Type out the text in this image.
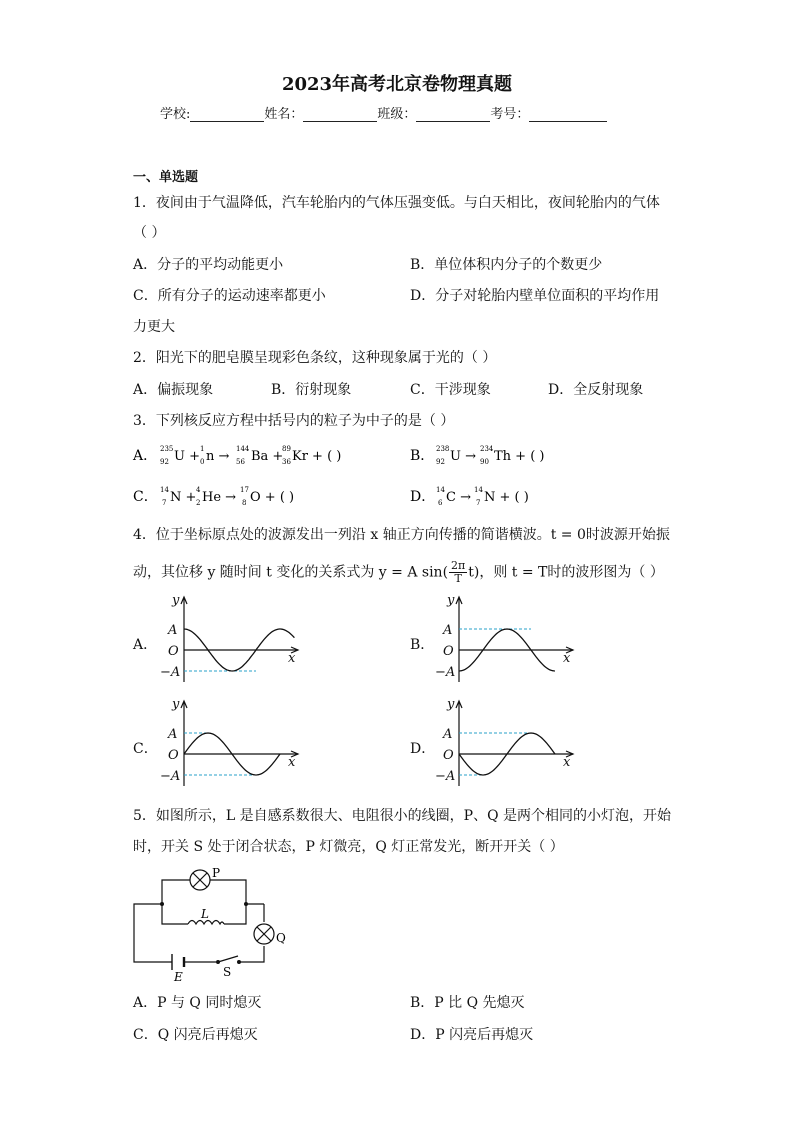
2023年高考北京卷物理真题
学校:	姓名：	班级：	考号：
一、单选题
1．夜间由于气温降低，汽车轮胎内的气体压强变低。与白天相比，夜间轮胎内的气体
（ ）
A．分子的平均动能更小	B．单位体积内分子的个数更少
C．所有分子的运动速率都更小	D．分子对轮胎内壁单位面积的平均作用
力更大
2．阳光下的肥皂膜呈现彩色条纹，这种现象属于光的（ ）
A．偏振现象	B．衍射现象	C．干涉现象	D．全反射现象
3．下列核反应方程中括号内的粒子为中子的是（ ）
A． 235
92 U + 1
0 n → 144
56 Ba +
89
36 Kr + ( )	B． 238
92 U → 234
90 Th + ( )
C． 14
7 N + 4
2 He → 17
8 O + ( )	D． 14
6 C → 14
7 N + ( )
4．位于坐标原点处的波源发出一列沿 x 轴正方向传播的简谐横波。t = 0时波源开始振
动，其位移 y 随时间 t 变化的关系式为 y = A $\sin( \frac{2\pi}{T} t)$，则 t = T时的波形图为（ ）
A．	B．
C．	D．
y
A
O
−A
x
y
A
O
−A
x
y
A
O
−A
x
y
A
O
−A
x
5．如图所示，L 是自感系数很大、电阻很小的线圈，P、Q 是两个相同的小灯泡，开始
时，开关 S 处于闭合状态，P 灯微亮，Q 灯正常发光，断开开关（ ）
P
Q
L
E	S
A．P 与 Q 同时熄灭	B．P 比 Q 先熄灭
C．Q 闪亮后再熄灭	D．P 闪亮后再熄灭
